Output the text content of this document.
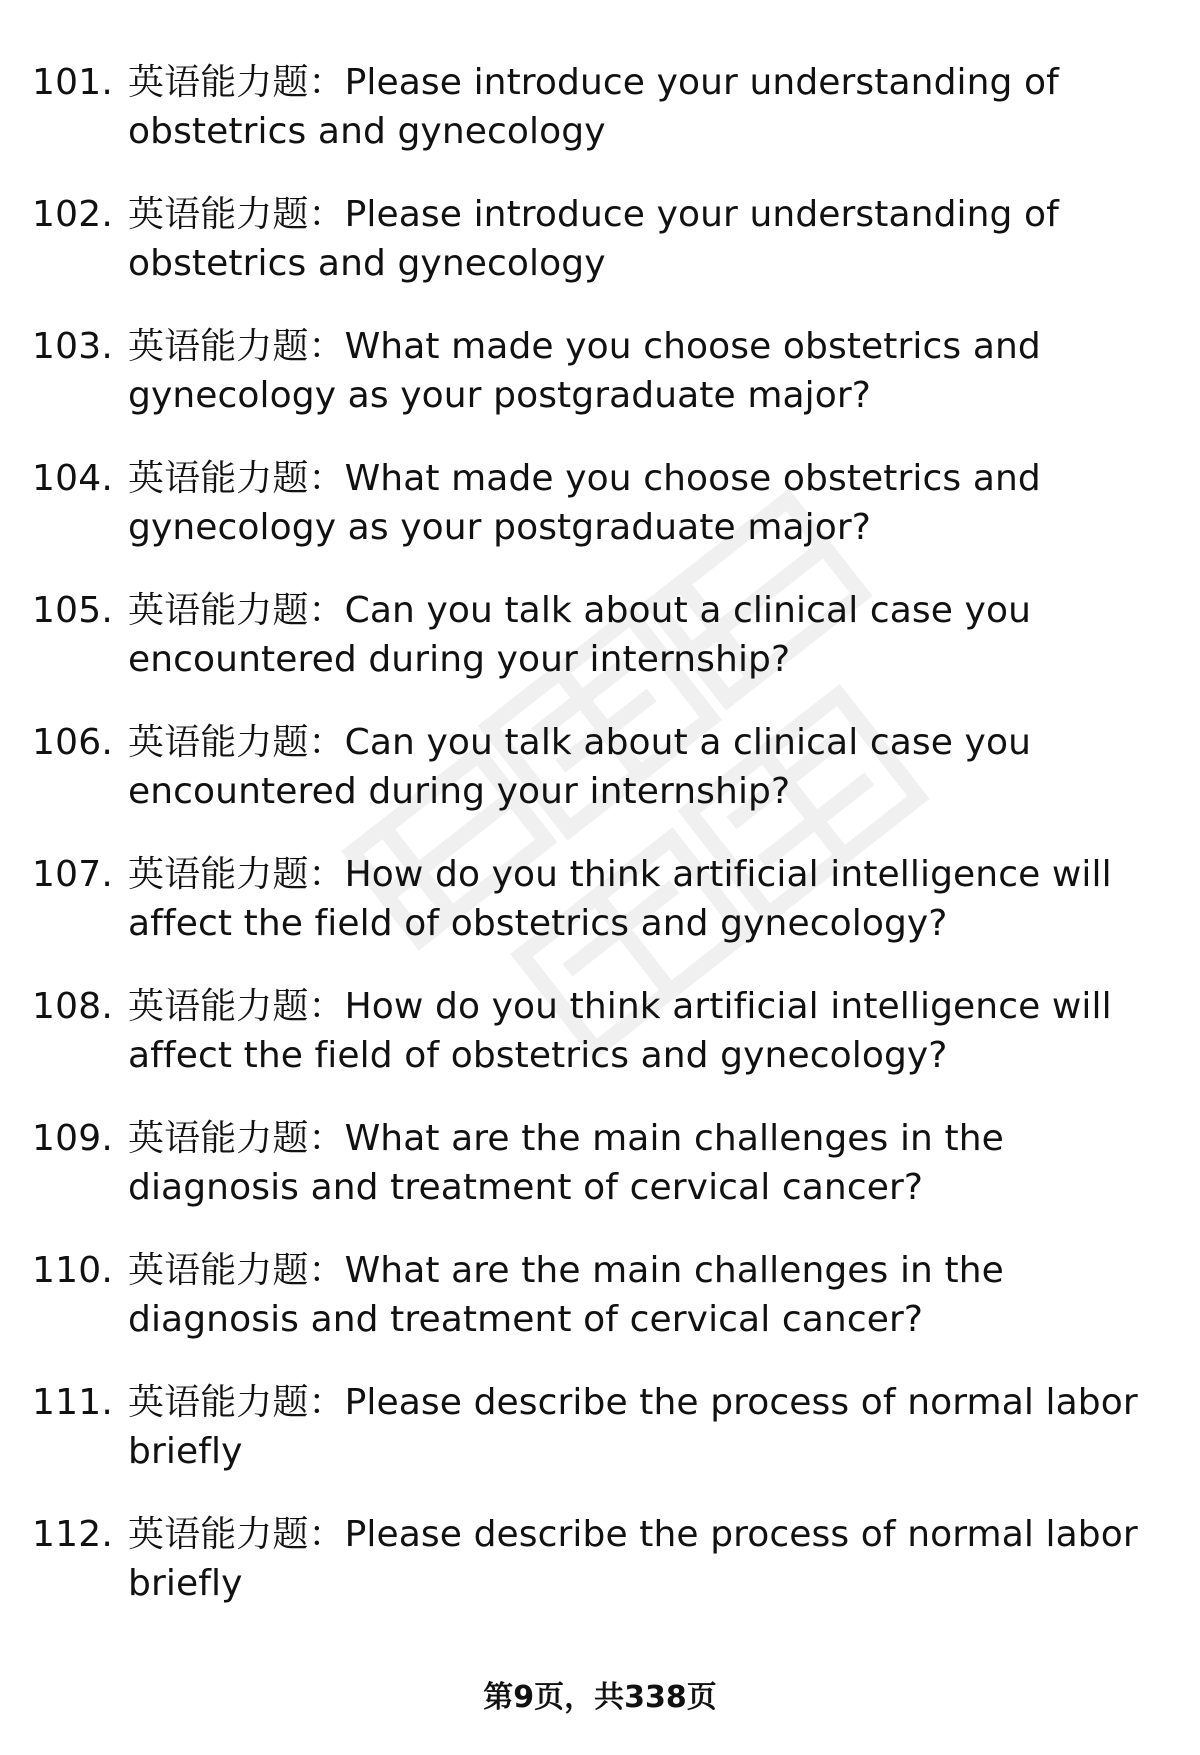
101. 英语能力题：Please introduce your understanding of obstetrics and gynecology
102. 英语能力题：Please introduce your understanding of obstetrics and gynecology
103. 英语能力题：What made you choose obstetrics and gynecology as your postgraduate major?
104. 英语能力题：What made you choose obstetrics and gynecology as your postgraduate major?
105. 英语能力题：Can you talk about a clinical case you encountered during your internship?
106. 英语能力题：Can you talk about a clinical case you encountered during your internship?
107. 英语能力题：How do you think artificial intelligence will affect the field of obstetrics and gynecology?
108. 英语能力题：How do you think artificial intelligence will affect the field of obstetrics and gynecology?
109. 英语能力题：What are the main challenges in the diagnosis and treatment of cervical cancer?
110. 英语能力题：What are the main challenges in the diagnosis and treatment of cervical cancer?
111. 英语能力题：Please describe the process of normal labor briefly
112. 英语能力题：Please describe the process of normal labor briefly
第9页，共338页
